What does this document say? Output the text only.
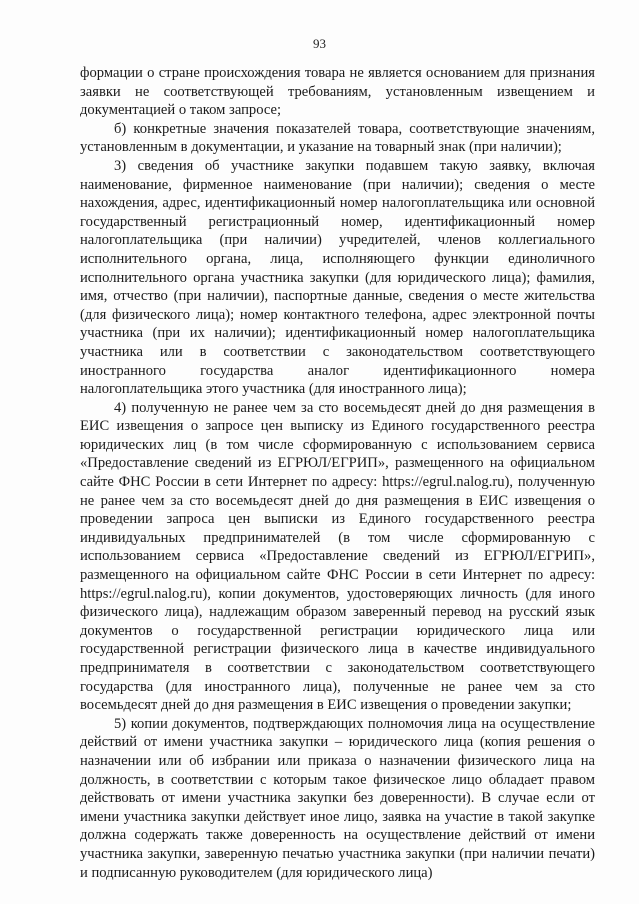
93

формации о стране происхождения товара не является основанием для признания заявки не соответствующей требованиям, установленным извещением и документацией о таком запросе;

б) конкретные значения показателей товара, соответствующие значениям, установленным в документации, и указание на товарный знак (при наличии);

3) сведения об участнике закупки подавшем такую заявку, включая наименование, фирменное наименование (при наличии); сведения о месте нахождения, адрес, идентификационный номер налогоплательщика или основной государственный регистрационный номер, идентификационный номер налогоплательщика (при наличии) учредителей, членов коллегиального исполнительного органа, лица, исполняющего функции единоличного исполнительного органа участника закупки (для юридического лица); фамилия, имя, отчество (при наличии), паспортные данные, сведения о месте жительства (для физического лица); номер контактного телефона, адрес электронной почты участника (при их наличии); идентификационный номер налогоплательщика участника или в соответствии с законодательством соответствующего иностранного государства аналог идентификационного номера налогоплательщика этого участника (для иностранного лица);

4) полученную не ранее чем за сто восемьдесят дней до дня размещения в ЕИС извещения о запросе цен выписку из Единого государственного реестра юридических лиц (в том числе сформированную с использованием сервиса «Предоставление сведений из ЕГРЮЛ/ЕГРИП», размещенного на официальном сайте ФНС России в сети Интернет по адресу: https://egrul.nalog.ru), полученную не ранее чем за сто восемьдесят дней до дня размещения в ЕИС извещения о проведении запроса цен выписки из Единого государственного реестра индивидуальных предпринимателей (в том числе сформированную с использованием сервиса «Предоставление сведений из ЕГРЮЛ/ЕГРИП», размещенного на официальном сайте ФНС России в сети Интернет по адресу: https://egrul.nalog.ru), копии документов, удостоверяющих личность (для иного физического лица), надлежащим образом заверенный перевод на русский язык документов о государственной регистрации юридического лица или государственной регистрации физического лица в качестве индивидуального предпринимателя в соответствии с законодательством соответствующего государства (для иностранного лица), полученные не ранее чем за сто восемьдесят дней до дня размещения в ЕИС извещения о проведении закупки;

5) копии документов, подтверждающих полномочия лица на осуществление действий от имени участника закупки – юридического лица (копия решения о назначении или об избрании или приказа о назначении физического лица на должность, в соответствии с которым такое физическое лицо обладает правом действовать от имени участника закупки без доверенности). В случае если от имени участника закупки действует иное лицо, заявка на участие в такой закупке должна содержать также доверенность на осуществление действий от имени участника закупки, заверенную печатью участника закупки (при наличии печати) и подписанную руководителем (для юридического лица)
